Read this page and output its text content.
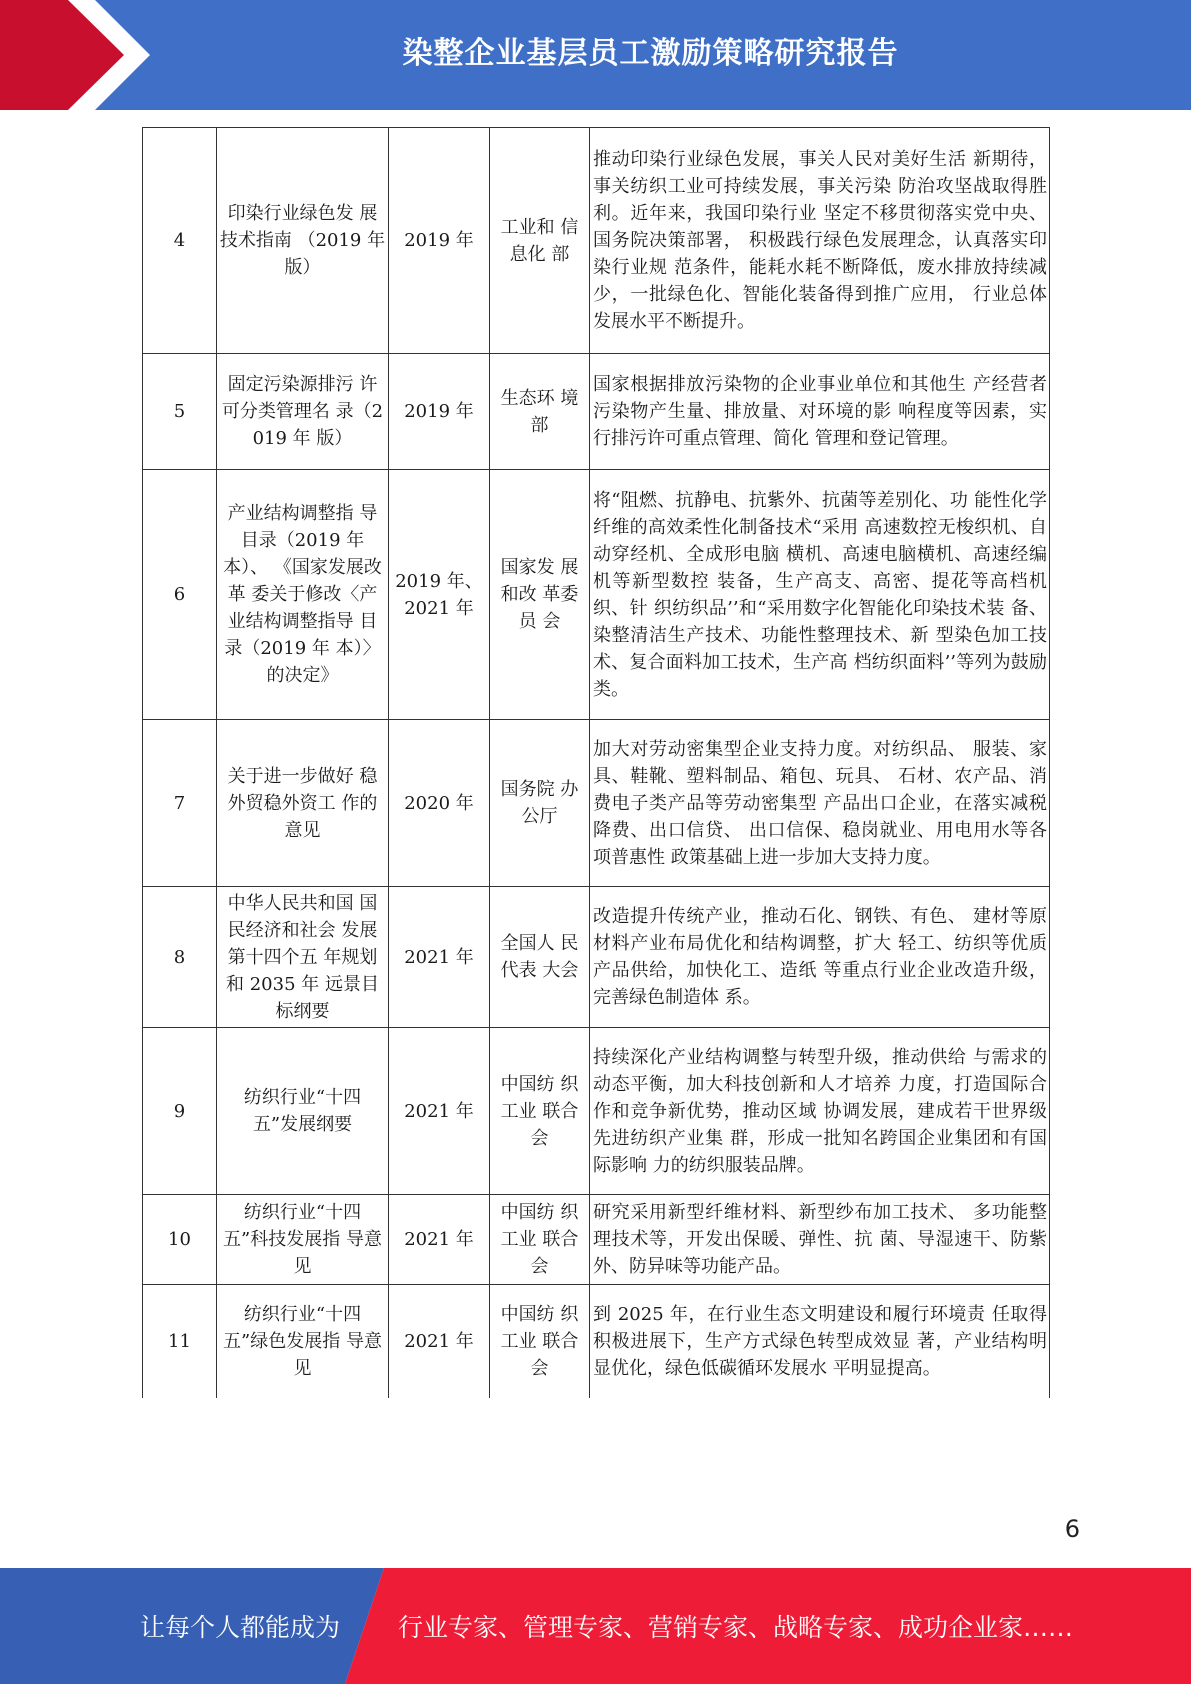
染整企业基层员工激励策略研究报告
4	印染行业绿色发 展技术指南 （2019 年版）	2019 年	工业和 信息化 部	推动印染行业绿色发展，事关人民对美好生活 新期待，事关纺织工业可持续发展，事关污染 防治攻坚战取得胜利。近年来，我国印染行业 坚定不移贯彻落实党中央、国务院决策部署， 积极践行绿色发展理念，认真落实印染行业规 范条件，能耗水耗不断降低，废水排放持续减 少，一批绿色化、智能化装备得到推广应用， 行业总体发展水平不断提升。
5	固定污染源排污 许可分类管理名 录（2019 年 版）	2019 年	生态环 境部	国家根据排放污染物的企业事业单位和其他生 产经营者污染物产生量、排放量、对环境的影 响程度等因素，实行排污许可重点管理、简化 管理和登记管理。
6	产业结构调整指 导目录（2019 年 本）、 《国家发展改革 委关于修改〈产 业结构调整指导 目录（2019 年 本）〉的决定》	2019 年、 2021 年	国家发 展和改 革委员 会	将“阻燃、抗静电、抗紫外、抗菌等差别化、功 能性化学纤维的高效柔性化制备技术“采用 高速数控无梭织机、自动穿经机、全成形电脑 横机、高速电脑横机、高速经编机等新型数控 装备，生产高支、高密、提花等高档机织、针 织纺织品’’和“采用数字化智能化印染技术装 备、染整清洁生产技术、功能性整理技术、新 型染色加工技术、复合面料加工技术，生产高 档纺织面料’’等列为鼓励类。
7	关于进一步做好 稳外贸稳外资工 作的意见	2020 年	国务院 办公厅	加大对劳动密集型企业支持力度。对纺织品、 服装、家具、鞋靴、塑料制品、箱包、玩具、 石材、农产品、消费电子类产品等劳动密集型 产品出口企业，在落实减税降费、出口信贷、 出口信保、稳岗就业、用电用水等各项普惠性 政策基础上进一步加大支持力度。
8	中华人民共和国 国民经济和社会 发展第十四个五 年规划和 2035 年 远景目标纲要	2021 年	全国人 民代表 大会	改造提升传统产业，推动石化、钢铁、有色、 建材等原材料产业布局优化和结构调整，扩大 轻工、纺织等优质产品供给，加快化工、造纸 等重点行业企业改造升级，完善绿色制造体 系。
9	纺织行业“十四 五”发展纲要	2021 年	中国纺 织工业 联合会	持续深化产业结构调整与转型升级，推动供给 与需求的动态平衡，加大科技创新和人才培养 力度，打造国际合作和竞争新优势，推动区域 协调发展，建成若干世界级先进纺织产业集 群，形成一批知名跨国企业集团和有国际影响 力的纺织服装品牌。
10	纺织行业“十四 五”科技发展指 导意见	2021 年	中国纺 织工业 联合会	研究采用新型纤维材料、新型纱布加工技术、 多功能整理技术等，开发出保暖、弹性、抗 菌、导湿速干、防紫外、防异味等功能产品。
11	纺织行业“十四 五”绿色发展指 导意见	2021 年	中国纺 织工业 联合会	到 2025 年，在行业生态文明建设和履行环境责 任取得积极进展下，生产方式绿色转型成效显 著，产业结构明显优化，绿色低碳循环发展水 平明显提高。
6
让每个人都能成为 行业专家、管理专家、营销专家、战略专家、成功企业家……
